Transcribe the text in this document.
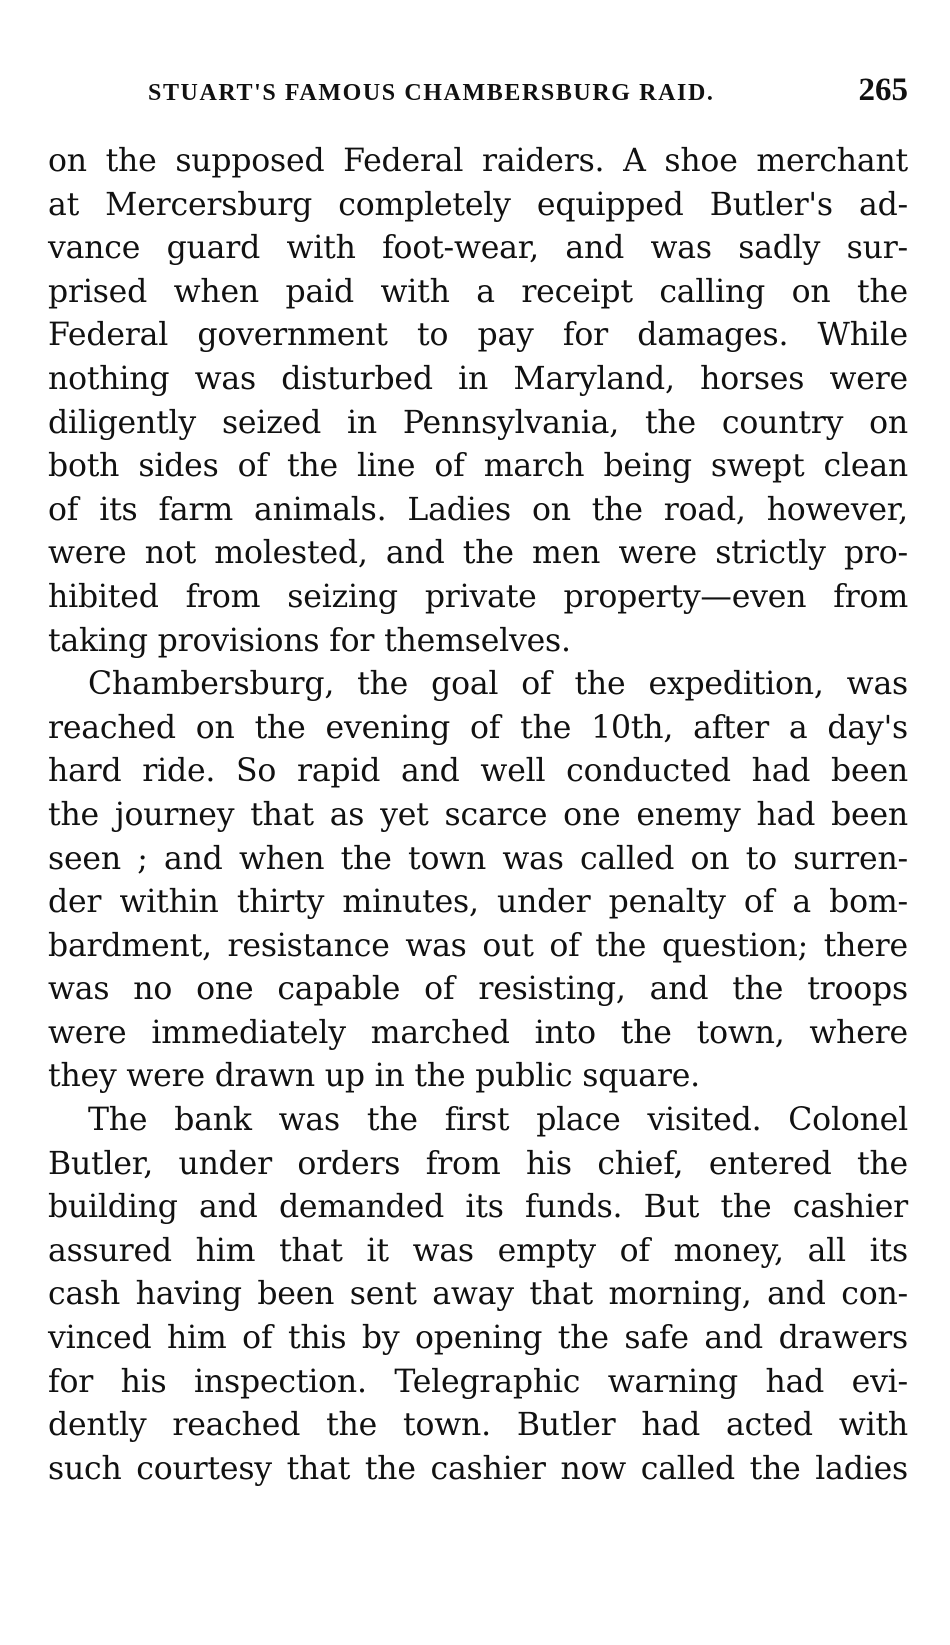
STUART'S FAMOUS CHAMBERSBURG RAID.	265
on the supposed Federal raiders. A shoe merchant
at Mercersburg completely equipped Butler's ad-
vance guard with foot-wear, and was sadly sur-
prised when paid with a receipt calling on the
Federal government to pay for damages. While
nothing was disturbed in Maryland, horses were
diligently seized in Pennsylvania, the country on
both sides of the line of march being swept clean
of its farm animals. Ladies on the road, however,
were not molested, and the men were strictly pro-
hibited from seizing private property—even from
taking provisions for themselves.
Chambersburg, the goal of the expedition, was
reached on the evening of the 10th, after a day's
hard ride. So rapid and well conducted had been
the journey that as yet scarce one enemy had been
seen ; and when the town was called on to surren-
der within thirty minutes, under penalty of a bom-
bardment, resistance was out of the question; there
was no one capable of resisting, and the troops
were immediately marched into the town, where
they were drawn up in the public square.
The bank was the first place visited. Colonel
Butler, under orders from his chief, entered the
building and demanded its funds. But the cashier
assured him that it was empty of money, all its
cash having been sent away that morning, and con-
vinced him of this by opening the safe and drawers
for his inspection. Telegraphic warning had evi-
dently reached the town. Butler had acted with
such courtesy that the cashier now called the ladies
